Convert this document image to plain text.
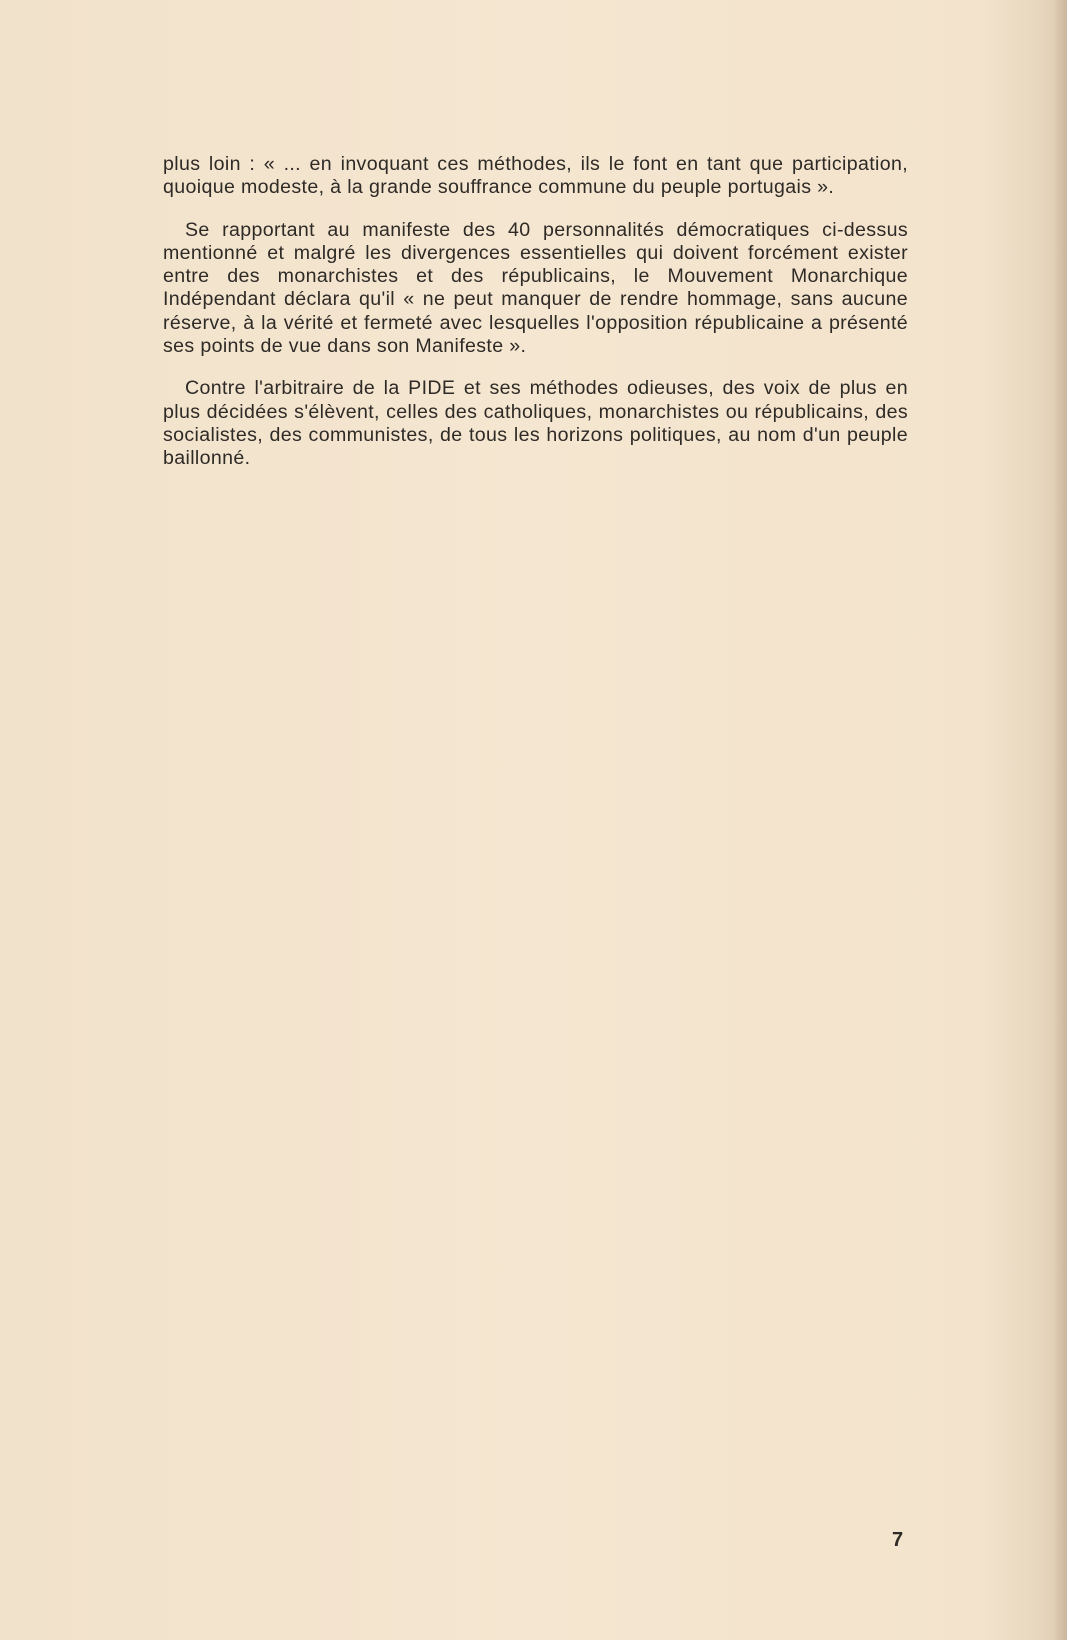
plus loin : « ... en invoquant ces méthodes, ils le font en tant que participation, quoique modeste, à la grande souffrance commune du peuple portugais ».

Se rapportant au manifeste des 40 personnalités démocratiques ci-dessus mentionné et malgré les divergences essentielles qui doivent forcément exister entre des monarchistes et des républicains, le Mouvement Monarchique Indépendant déclara qu'il « ne peut manquer de rendre hommage, sans aucune réserve, à la vérité et fermeté avec lesquelles l'opposition républicaine a présenté ses points de vue dans son Manifeste ».

Contre l'arbitraire de la PIDE et ses méthodes odieuses, des voix de plus en plus décidées s'élèvent, celles des catholiques, monarchistes ou républicains, des socialistes, des communistes, de tous les horizons politiques, au nom d'un peuple baillonné.

7
